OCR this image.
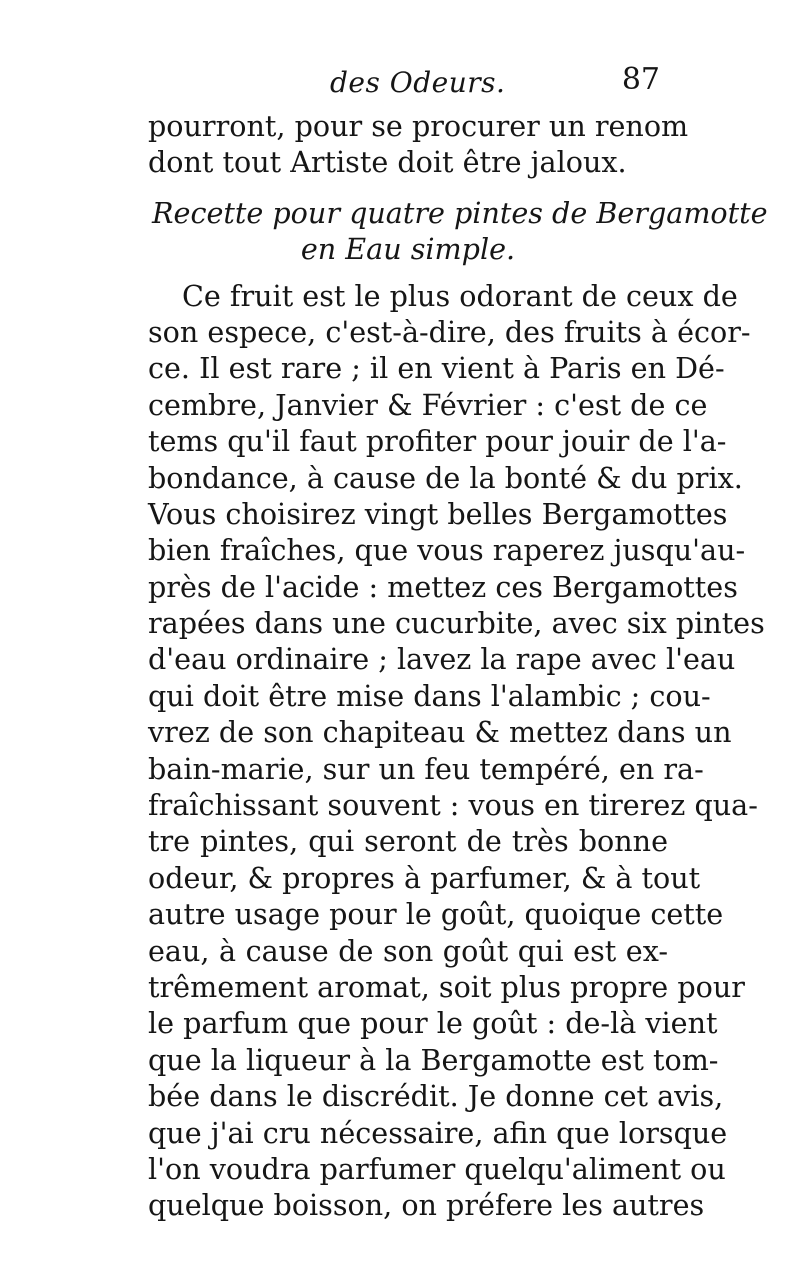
des Odeurs.	87
pourront, pour se procurer un renom
dont tout Artiste doit être jaloux.
Recette pour quatre pintes de Bergamotte
en Eau simple.
Ce fruit est le plus odorant de ceux de
son espece, c'est-à-dire, des fruits à écor-
ce. Il est rare ; il en vient à Paris en Dé-
cembre, Janvier & Février : c'est de ce
tems qu'il faut profiter pour jouir de l'a-
bondance, à cause de la bonté & du prix.
Vous choisirez vingt belles Bergamottes
bien fraîches, que vous raperez jusqu'au-
près de l'acide : mettez ces Bergamottes
rapées dans une cucurbite, avec six pintes
d'eau ordinaire ; lavez la rape avec l'eau
qui doit être mise dans l'alambic ; cou-
vrez de son chapiteau & mettez dans un
bain-marie, sur un feu tempéré, en ra-
fraîchissant souvent : vous en tirerez qua-
tre pintes, qui seront de très bonne
odeur, & propres à parfumer, & à tout
autre usage pour le goût, quoique cette
eau, à cause de son goût qui est ex-
trêmement aromat, soit plus propre pour
le parfum que pour le goût : de-là vient
que la liqueur à la Bergamotte est tom-
bée dans le discrédit. Je donne cet avis,
que j'ai cru nécessaire, afin que lorsque
l'on voudra parfumer quelqu'aliment ou
quelque boisson, on préfere les autres
